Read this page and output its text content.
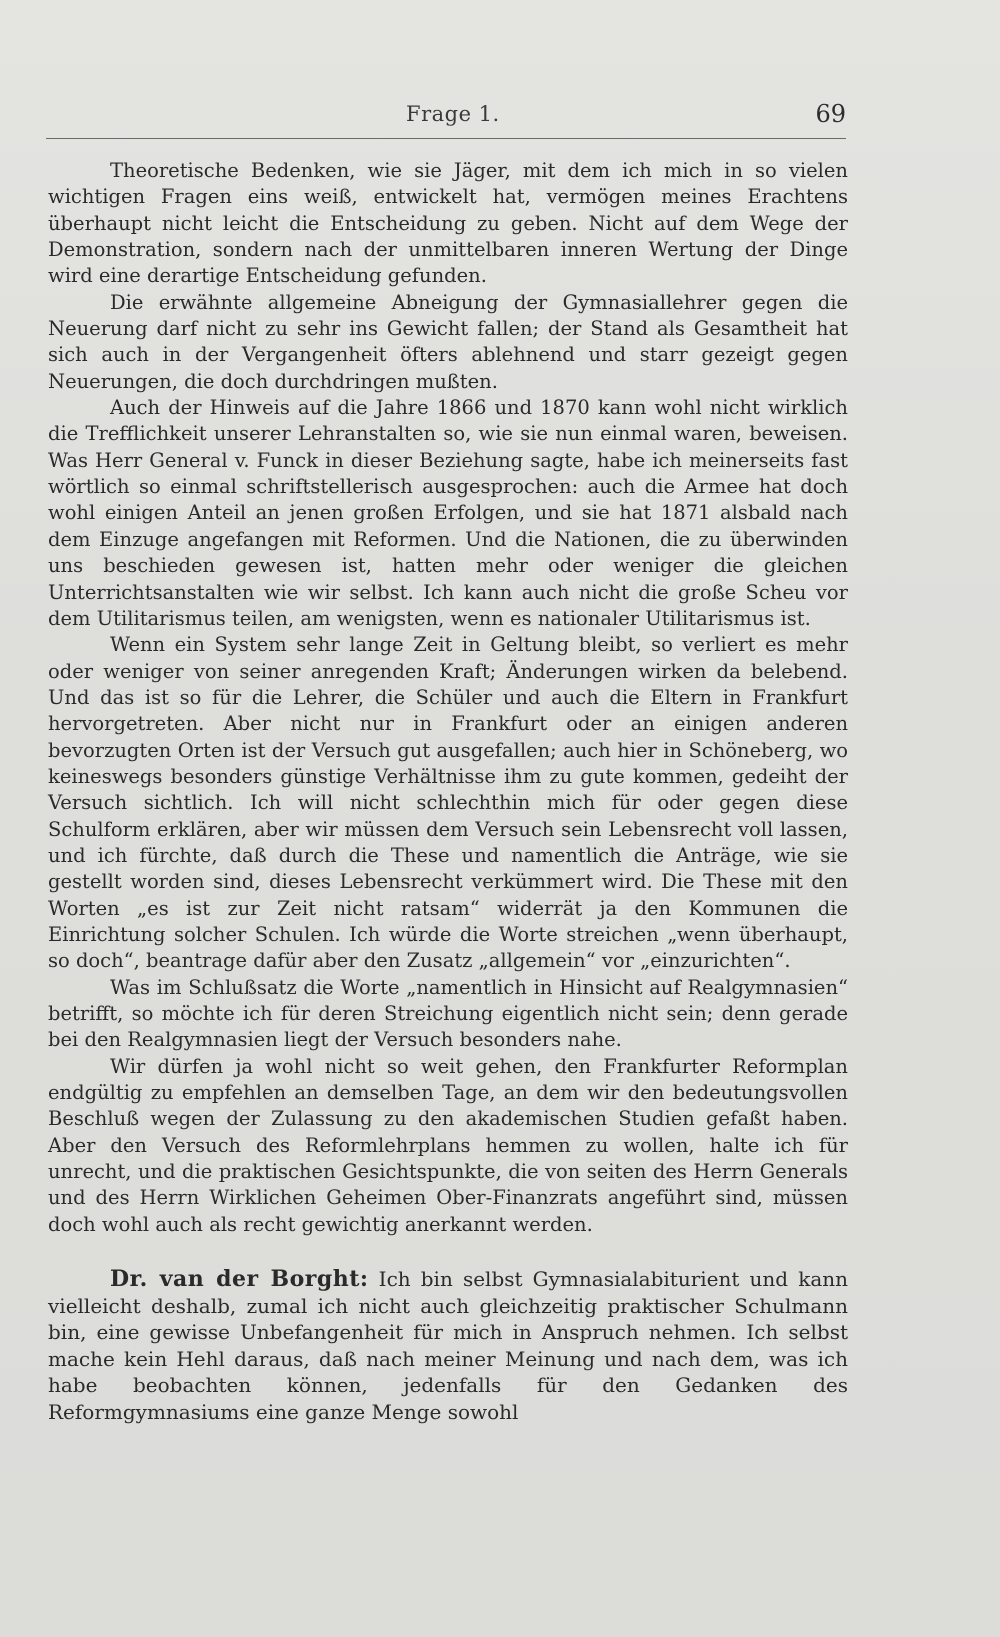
Frage 1.	69

Theoretische Bedenken, wie sie Jäger, mit dem ich mich in so vielen wichtigen Fragen eins weiß, entwickelt hat, vermögen meines Erachtens überhaupt nicht leicht die Entscheidung zu geben. Nicht auf dem Wege der Demonstration, sondern nach der unmittelbaren inneren Wertung der Dinge wird eine derartige Entscheidung gefunden.

Die erwähnte allgemeine Abneigung der Gymnasiallehrer gegen die Neuerung darf nicht zu sehr ins Gewicht fallen; der Stand als Gesamtheit hat sich auch in der Vergangenheit öfters ablehnend und starr gezeigt gegen Neuerungen, die doch durchdringen mußten.

Auch der Hinweis auf die Jahre 1866 und 1870 kann wohl nicht wirklich die Trefflichkeit unserer Lehranstalten so, wie sie nun einmal waren, beweisen. Was Herr General v. Funck in dieser Beziehung sagte, habe ich meinerseits fast wörtlich so einmal schriftstellerisch ausgesprochen: auch die Armee hat doch wohl einigen Anteil an jenen großen Erfolgen, und sie hat 1871 alsbald nach dem Einzuge angefangen mit Reformen. Und die Nationen, die zu überwinden uns beschieden gewesen ist, hatten mehr oder weniger die gleichen Unterrichtsanstalten wie wir selbst. Ich kann auch nicht die große Scheu vor dem Utilitarismus teilen, am wenigsten, wenn es nationaler Utilitarismus ist.

Wenn ein System sehr lange Zeit in Geltung bleibt, so verliert es mehr oder weniger von seiner anregenden Kraft; Änderungen wirken da belebend. Und das ist so für die Lehrer, die Schüler und auch die Eltern in Frankfurt hervorgetreten. Aber nicht nur in Frankfurt oder an einigen anderen bevorzugten Orten ist der Versuch gut ausgefallen; auch hier in Schöneberg, wo keineswegs besonders günstige Verhältnisse ihm zu gute kommen, gedeiht der Versuch sichtlich. Ich will nicht schlechthin mich für oder gegen diese Schulform erklären, aber wir müssen dem Versuch sein Lebensrecht voll lassen, und ich fürchte, daß durch die These und namentlich die Anträge, wie sie gestellt worden sind, dieses Lebensrecht verkümmert wird. Die These mit den Worten „es ist zur Zeit nicht ratsam“ widerrät ja den Kommunen die Einrichtung solcher Schulen. Ich würde die Worte streichen „wenn überhaupt, so doch“, beantrage dafür aber den Zusatz „allgemein“ vor „einzurichten“.

Was im Schlußsatz die Worte „namentlich in Hinsicht auf Realgymnasien“ betrifft, so möchte ich für deren Streichung eigentlich nicht sein; denn gerade bei den Realgymnasien liegt der Versuch besonders nahe.

Wir dürfen ja wohl nicht so weit gehen, den Frankfurter Reformplan endgültig zu empfehlen an demselben Tage, an dem wir den bedeutungsvollen Beschluß wegen der Zulassung zu den akademischen Studien gefaßt haben. Aber den Versuch des Reformlehrplans hemmen zu wollen, halte ich für unrecht, und die praktischen Gesichtspunkte, die von seiten des Herrn Generals und des Herrn Wirklichen Geheimen Ober-Finanzrats angeführt sind, müssen doch wohl auch als recht gewichtig anerkannt werden.

Dr. van der Borght: Ich bin selbst Gymnasialabiturient und kann vielleicht deshalb, zumal ich nicht auch gleichzeitig praktischer Schulmann bin, eine gewisse Unbefangenheit für mich in Anspruch nehmen. Ich selbst mache kein Hehl daraus, daß nach meiner Meinung und nach dem, was ich habe beobachten können, jedenfalls für den Gedanken des Reformgymnasiums eine ganze Menge sowohl
